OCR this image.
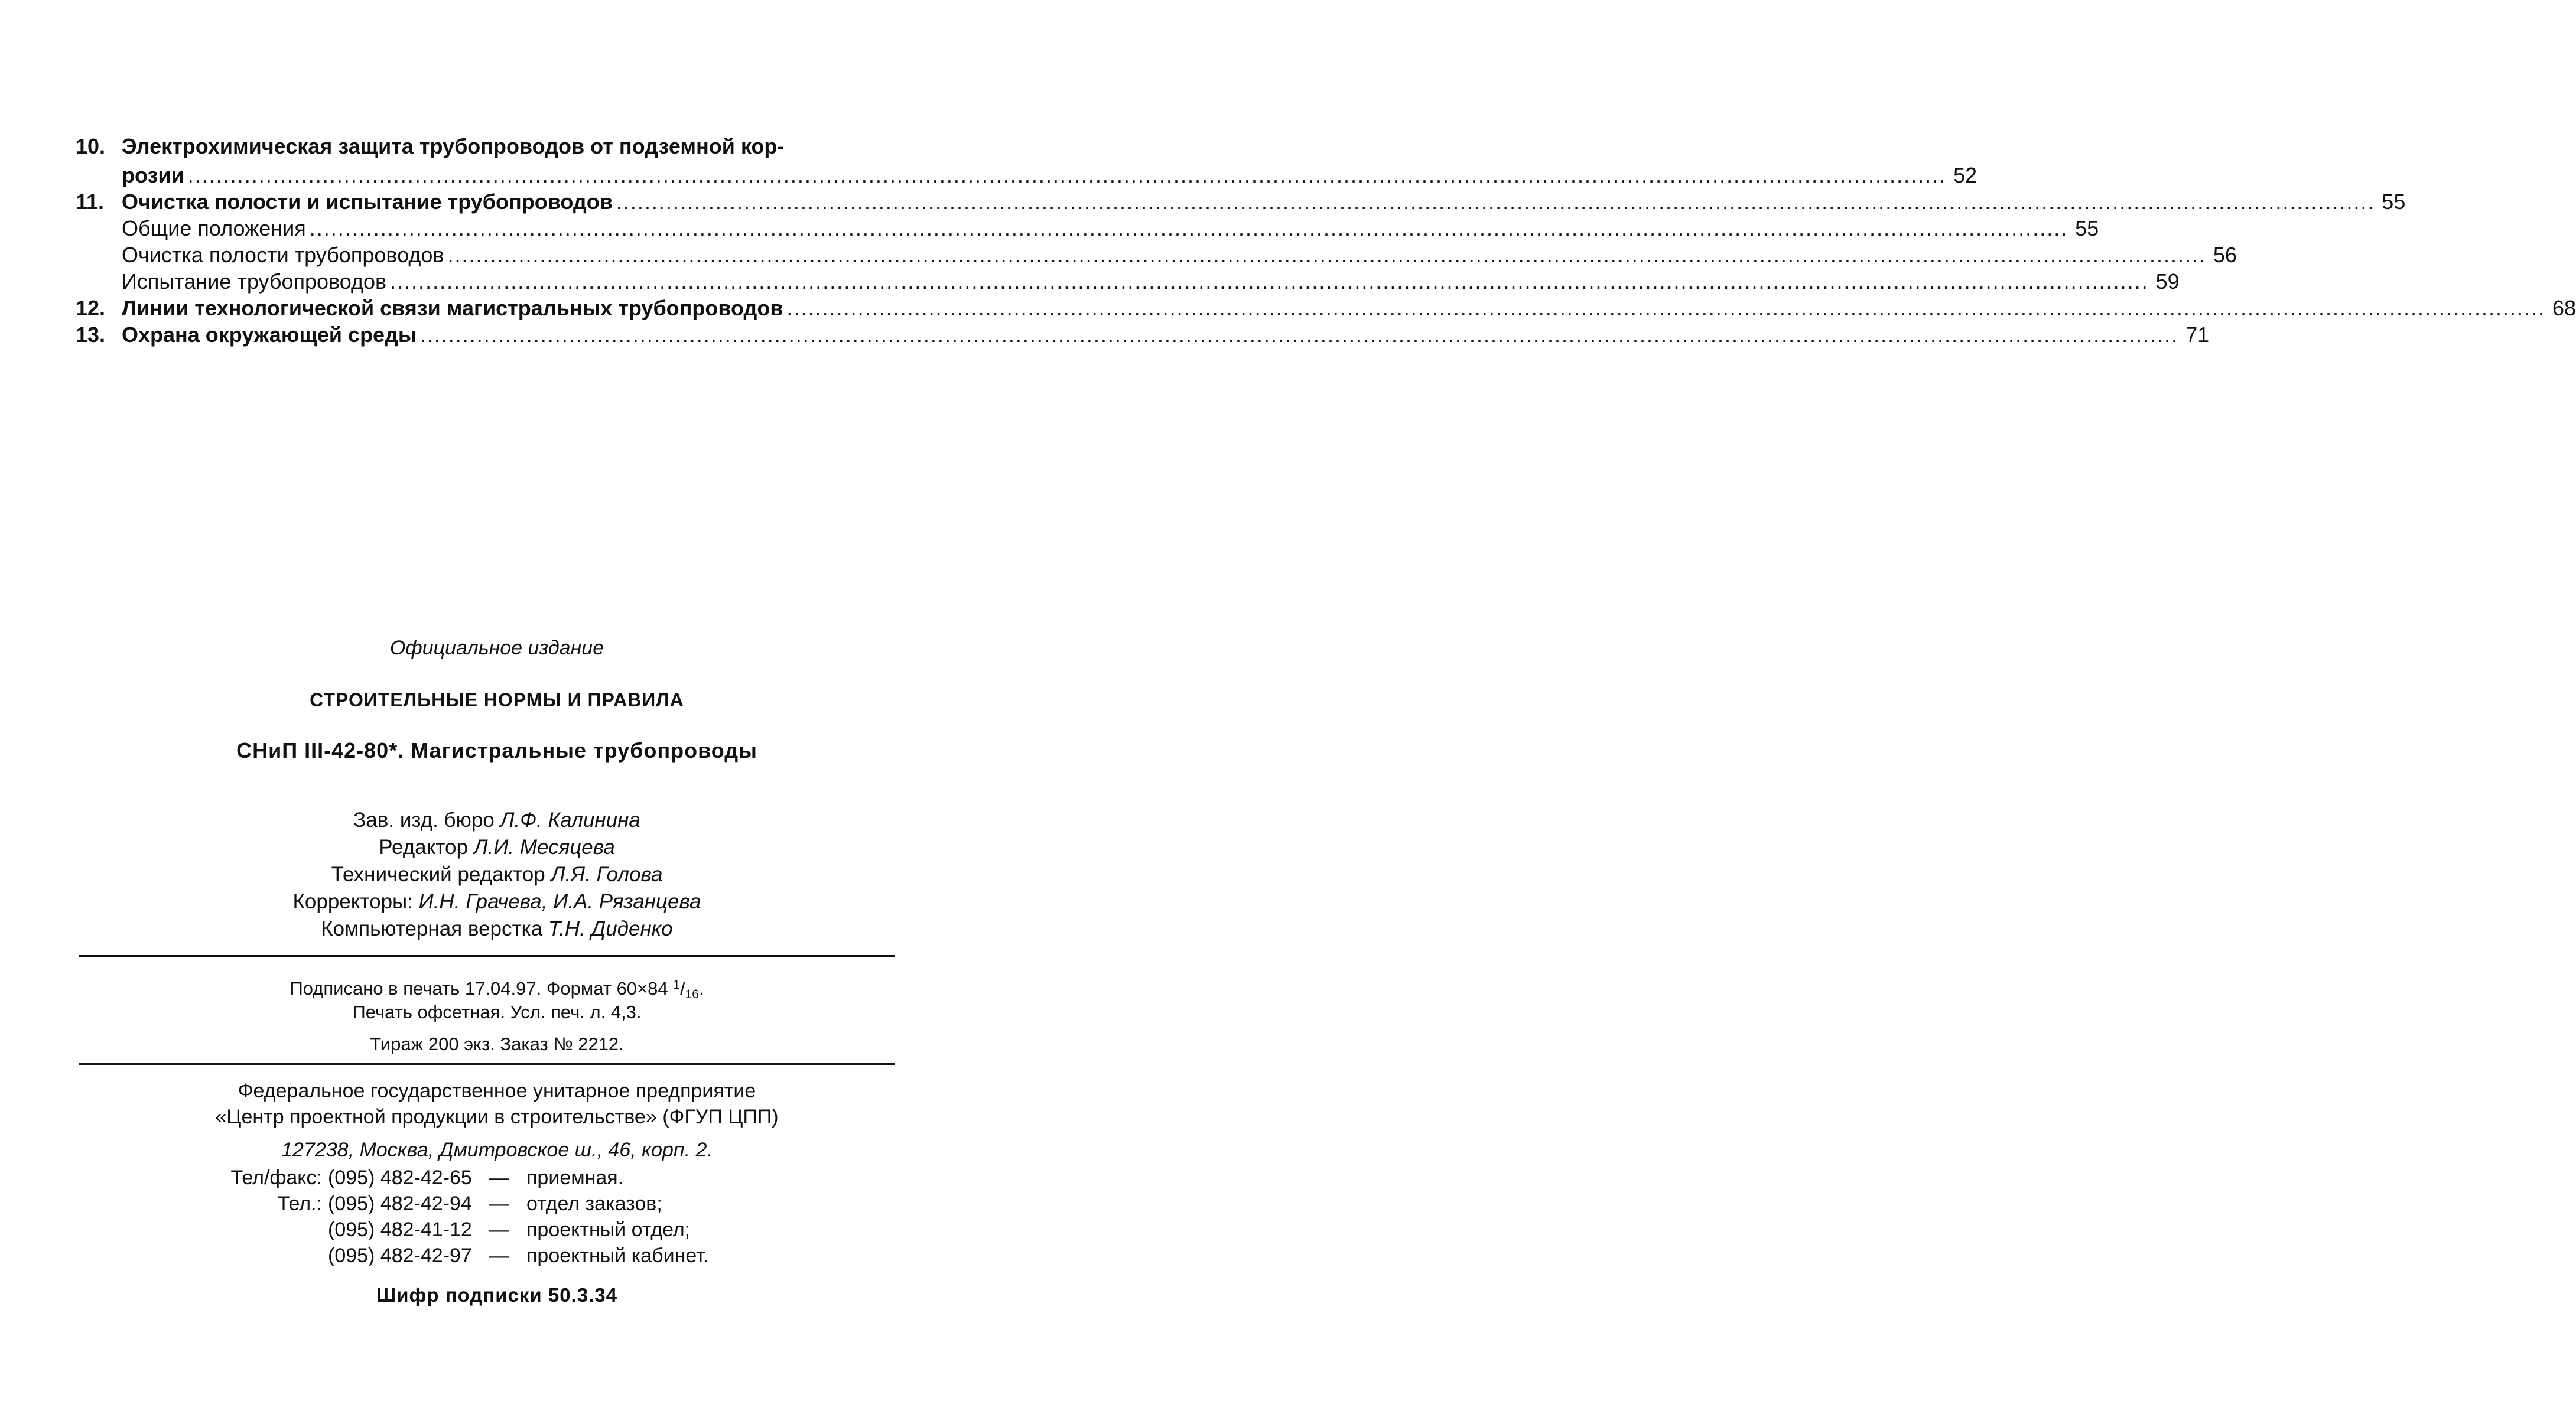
10. Электрохимическая защита трубопроводов от подземной кор-
розии .....	52
11. Очистка полости и испытание трубопроводов .....	55
Общие положения .....	55
Очистка полости трубопроводов .....	56
Испытание трубопроводов .....	59
12. Линии технологической связи магистральных трубопроводов .....	68
13. Охрана окружающей среды .....	71
Официальное издание
СТРОИТЕЛЬНЫЕ НОРМЫ И ПРАВИЛА
СНиП III-42-80*. Магистральные трубопроводы
Зав. изд. бюро Л.Ф. Калинина
Редактор Л.И. Месяцева
Технический редактор Л.Я. Голова
Корректоры: И.Н. Грачева, И.А. Рязанцева
Компьютерная верстка Т.Н. Диденко
Подписано в печать 17.04.97. Формат 60×84 $^1/_{16}$.
Печать офсетная. Усл. печ. л. 4,3.
Тираж 200 экз. Заказ № 2212.
Федеральное государственное унитарное предприятие
«Центр проектной продукции в строительстве» (ФГУП ЦПП)
127238, Москва, Дмитровское ш., 46, корп. 2.
Тел/факс: (095) 482-42-65 — приемная.
Тел.: (095) 482-42-94 — отдел заказов;
(095) 482-41-12 — проектный отдел;
(095) 482-42-97 — проектный кабинет.
Шифр подписки 50.3.34
